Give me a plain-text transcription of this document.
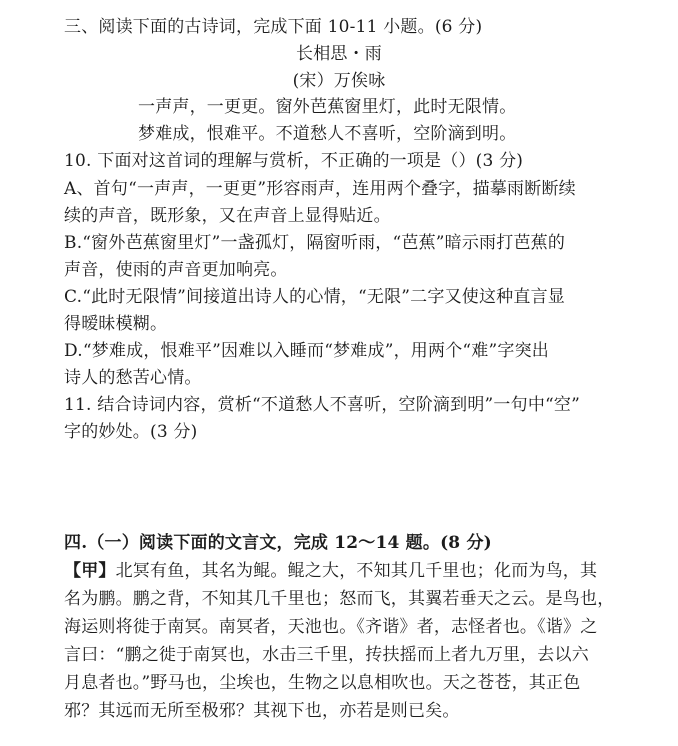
三、阅读下面的古诗词，完成下面 10-11 小题。(6 分)
长相思・雨
(宋）万俟咏
一声声，一更更。窗外芭蕉窗里灯，此时无限情。
梦难成，恨难平。不道愁人不喜听，空阶滴到明。
10. 下面对这首词的理解与赏析，不正确的一项是（）(3 分)
A、首句“一声声，一更更”形容雨声，连用两个叠字，描摹雨断断续
续的声音，既形象，又在声音上显得贴近。
B.“窗外芭蕉窗里灯”一盏孤灯，隔窗听雨，“芭蕉”暗示雨打芭蕉的
声音，使雨的声音更加响亮。
C.“此时无限情”间接道出诗人的心情，“无限”二字又使这种直言显
得暧昧模糊。
D.“梦难成，恨难平”因难以入睡而“梦难成”，用两个“难”字突出
诗人的愁苦心情。
11. 结合诗词内容，赏析“不道愁人不喜听，空阶滴到明”一句中“空”
字的妙处。(3 分)
四.（一）阅读下面的文言文，完成 12～14 题。(8 分)
【甲】北冥有鱼，其名为鲲。鲲之大，不知其几千里也；化而为鸟，其
名为鹏。鹏之背，不知其几千里也；怒而飞，其翼若垂天之云。是鸟也，
海运则将徙于南冥。南冥者，天池也。《齐谐》者，志怪者也。《谐》之
言曰：“鹏之徙于南冥也，水击三千里，抟扶摇而上者九万里，去以六
月息者也。”野马也，尘埃也，生物之以息相吹也。天之苍苍，其正色
邪？其远而无所至极邪？其视下也，亦若是则已矣。
